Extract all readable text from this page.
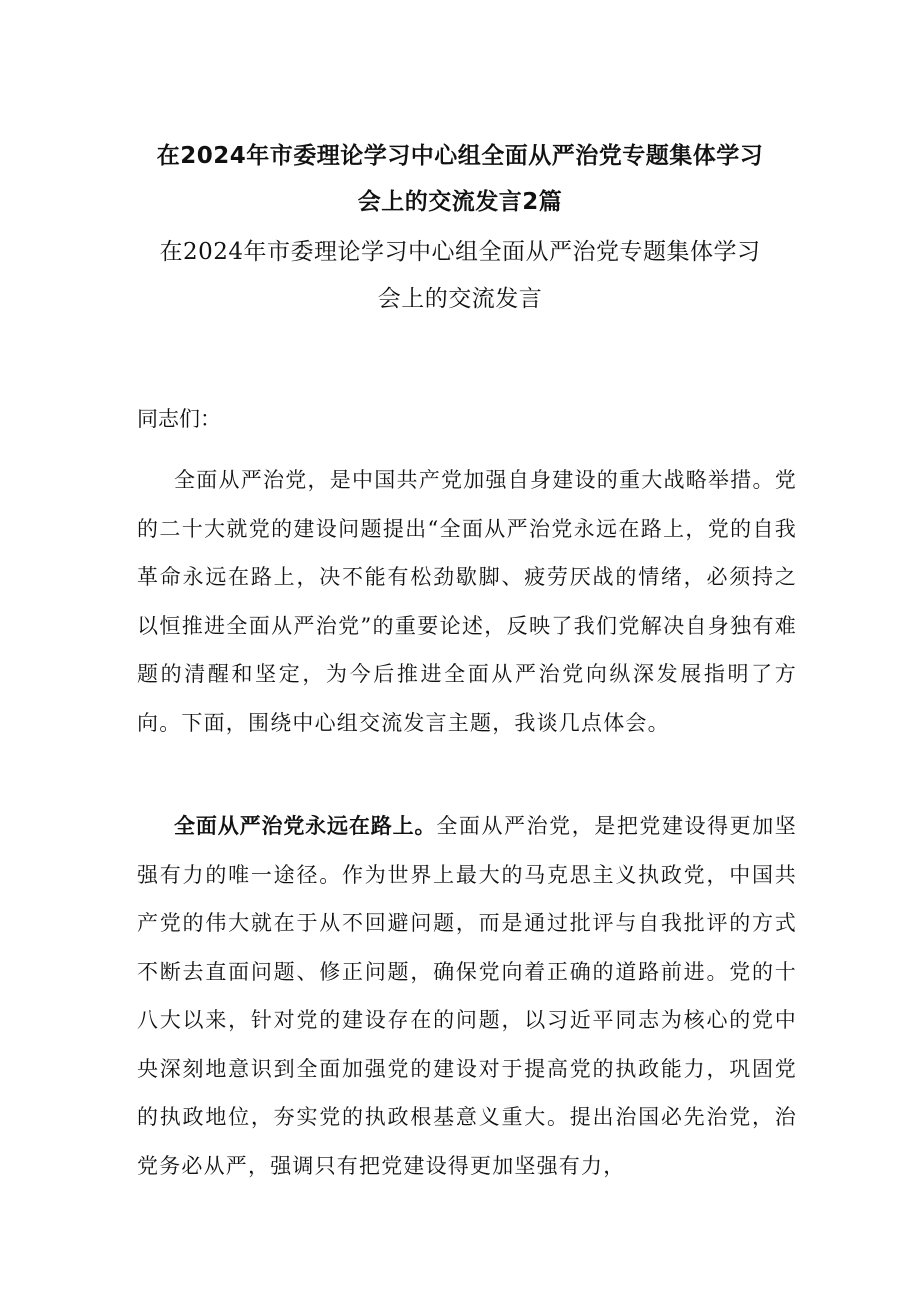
在2024年市委理论学习中心组全面从严治党专题集体学习
会上的交流发言2篇
在2024年市委理论学习中心组全面从严治党专题集体学习
会上的交流发言
同志们：
全面从严治党，是中国共产党加强自身建设的重大战略举措。党的二十大就党的建设问题提出“全面从严治党永远在路上，党的自我革命永远在路上，决不能有松劲歇脚、疲劳厌战的情绪，必须持之以恒推进全面从严治党”的重要论述，反映了我们党解决自身独有难题的清醒和坚定，为今后推进全面从严治党向纵深发展指明了方向。下面，围绕中心组交流发言主题，我谈几点体会。
全面从严治党永远在路上。全面从严治党，是把党建设得更加坚强有力的唯一途径。作为世界上最大的马克思主义执政党，中国共产党的伟大就在于从不回避问题，而是通过批评与自我批评的方式不断去直面问题、修正问题，确保党向着正确的道路前进。党的十八大以来，针对党的建设存在的问题，以习近平同志为核心的党中央深刻地意识到全面加强党的建设对于提高党的执政能力，巩固党的执政地位，夯实党的执政根基意义重大。提出治国必先治党，治党务必从严，强调只有把党建设得更加坚强有力，
